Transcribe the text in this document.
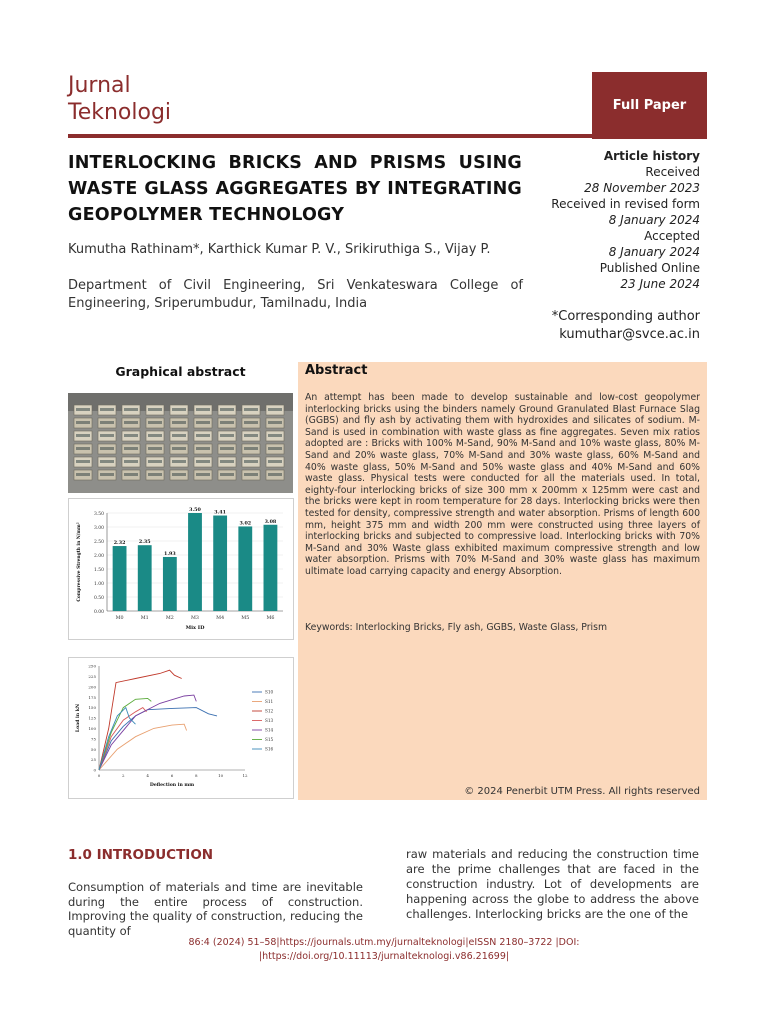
Jurnal
Teknologi	Full Paper
INTERLOCKING BRICKS AND PRISMS USING WASTE GLASS AGGREGATES BY INTEGRATING GEOPOLYMER TECHNOLOGY
Kumutha Rathinam*, Karthick Kumar P. V., Srikiruthiga S., Vijay P.
Department of Civil Engineering, Sri Venkateswara College of Engineering, Sriperumbudur, Tamilnadu, India
Article history
Received
28 November 2023
Received in revised form
8 January 2024
Accepted
8 January 2024
Published Online
23 June 2024
*Corresponding author
kumuthar@svce.ac.in
Graphical abstract
0.00
0.50
1.00
1.50
2.00
2.50
3.00
3.50
2.32
M0
2.35
M1
1.93
M2
3.50
M3
3.41
M4
3.02
M5
3.08
M6
Mix ID
Compressive Strength in N/mm²
0
25
50
75
100
125
150
175
200
225
250
0	2	4	6	8	10	12
S10
S11
S12
S13
S14
S15
S16
Deflection in mm
Load in kN
Abstract
An attempt has been made to develop sustainable and low-cost geopolymer interlocking bricks using the binders namely Ground Granulated Blast Furnace Slag (GGBS) and fly ash by activating them with hydroxides and silicates of sodium. M-Sand is used in combination with waste glass as fine aggregates. Seven mix ratios adopted are : Bricks with 100% M-Sand, 90% M-Sand and 10% waste glass, 80% M-Sand and 20% waste glass, 70% M-Sand and 30% waste glass, 60% M-Sand and 40% waste glass, 50% M-Sand and 50% waste glass and 40% M-Sand and 60% waste glass. Physical tests were conducted for all the materials used. In total, eighty-four interlocking bricks of size 300 mm x 200mm x 125mm were cast and the bricks were kept in room temperature for 28 days. Interlocking bricks were then tested for density, compressive strength and water absorption. Prisms of length 600 mm, height 375 mm and width 200 mm were constructed using three layers of interlocking bricks and subjected to compressive load. Interlocking bricks with 70% M-Sand and 30% Waste glass exhibited maximum compressive strength and low water absorption. Prisms with 70% M-Sand and 30% waste glass has maximum ultimate load carrying capacity and energy Absorption.
Keywords: Interlocking Bricks, Fly ash, GGBS, Waste Glass, Prism
© 2024 Penerbit UTM Press. All rights reserved
1.0 INTRODUCTION
Consumption of materials and time are inevitable during the entire process of construction. Improving the quality of construction, reducing the quantity of
raw materials and reducing the construction time are the prime challenges that are faced in the construction industry. Lot of developments are happening across the globe to address the above challenges. Interlocking bricks are the one of the
86:4 (2024) 51–58|https://journals.utm.my/jurnalteknologi|eISSN 2180–3722 |DOI:
|https://doi.org/10.11113/jurnalteknologi.v86.21699|
